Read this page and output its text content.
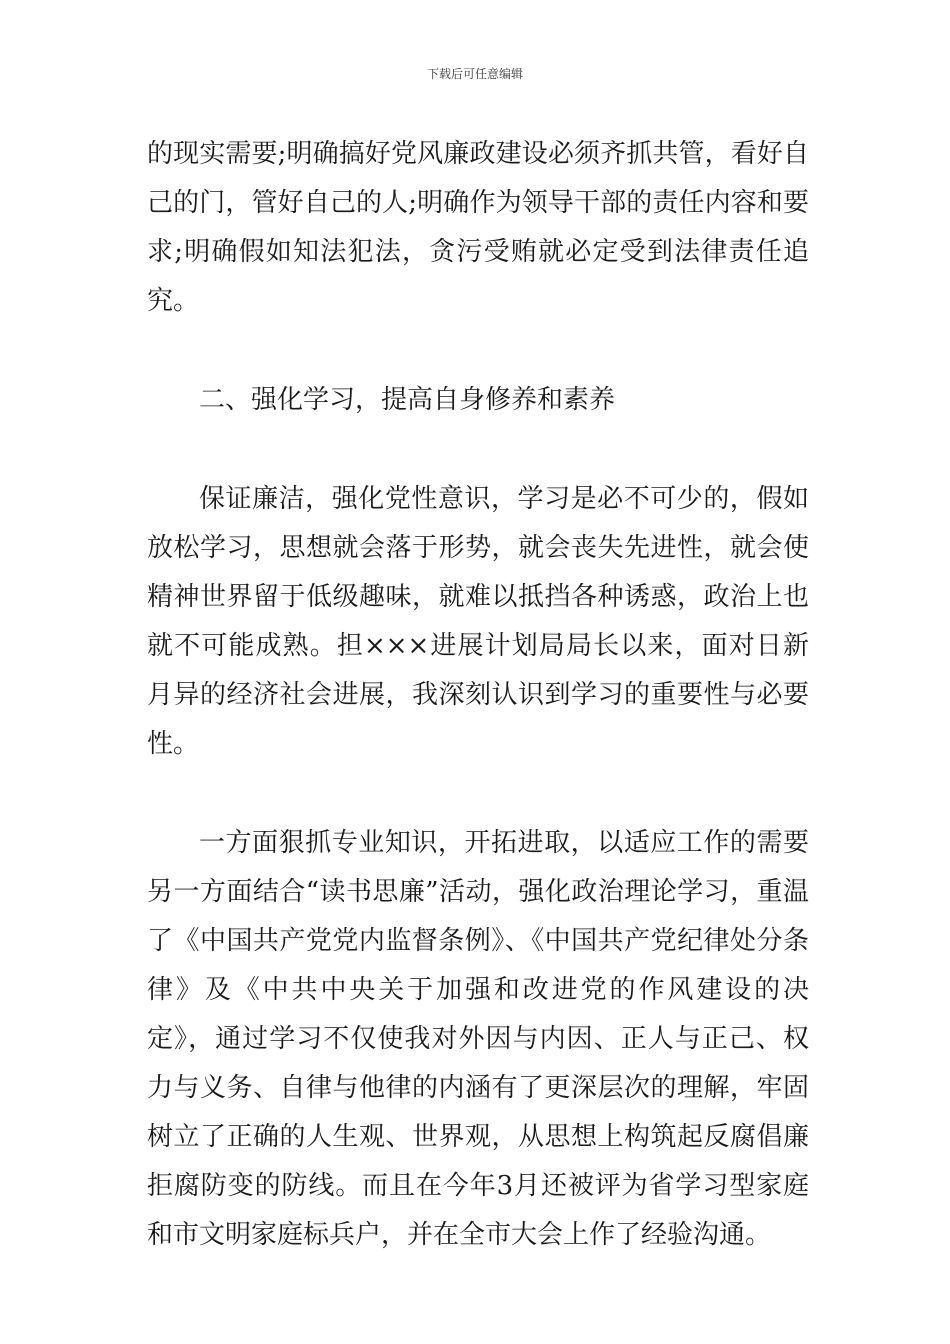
下载后可任意编辑

的现实需要;明确搞好党风廉政建设必须齐抓共管，看好自己的门，管好自己的人;明确作为领导干部的责任内容和要求;明确假如知法犯法，贪污受贿就必定受到法律责任追究。

二、强化学习，提高自身修养和素养

保证廉洁，强化党性意识，学习是必不可少的，假如放松学习，思想就会落于形势，就会丧失先进性，就会使精神世界留于低级趣味，就难以抵挡各种诱惑，政治上也就不可能成熟。担×××进展计划局局长以来，面对日新月异的经济社会进展，我深刻认识到学习的重要性与必要性。

一方面狠抓专业知识，开拓进取，以适应工作的需要另一方面结合“读书思廉”活动，强化政治理论学习，重温了《中国共产党党内监督条例》、《中国共产党纪律处分条律》及《中共中央关于加强和改进党的作风建设的决定》，通过学习不仅使我对外因与内因、正人与正己、权力与义务、自律与他律的内涵有了更深层次的理解，牢固树立了正确的人生观、世界观，从思想上构筑起反腐倡廉拒腐防变的防线。而且在今年3月还被评为省学习型家庭和市文明家庭标兵户，并在全市大会上作了经验沟通。
